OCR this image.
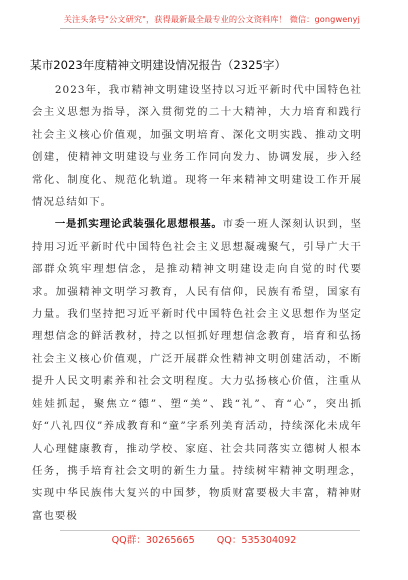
关注头条号"公文研究"，获得最新最全最专业的公文资料库！ 微信：gongwenyj
某市2023年度精神文明建设情况报告（2325字）

2023年，我市精神文明建设坚持以习近平新时代中国特色社会主义思想为指导，深入贯彻党的二十大精神，大力培育和践行社会主义核心价值观，加强文明培育、深化文明实践、推动文明创建，使精神文明建设与业务工作同向发力、协调发展，步入经常化、制度化、规范化轨道。现将一年来精神文明建设工作开展情况总结如下。

一是抓实理论武装强化思想根基。市委一班人深刻认识到，坚持用习近平新时代中国特色社会主义思想凝魂聚气，引导广大干部群众筑牢理想信念，是推动精神文明建设走向自觉的时代要求。加强精神文明学习教育，人民有信仰，民族有希望，国家有力量。我们坚持把习近平新时代中国特色社会主义思想作为坚定理想信念的鲜活教材，持之以恒抓好理想信念教育，培育和弘扬社会主义核心价值观，广泛开展群众性精神文明创建活动，不断提升人民文明素养和社会文明程度。大力弘扬核心价值，注重从娃娃抓起，聚焦立“德”、塑“美”、践“礼”、育“心”，突出抓好“八礼四仪”养成教育和“童”字系列美育活动，持续深化未成年人心理健康教育，推动学校、家庭、社会共同落实立德树人根本任务，携手培育社会文明的新生力量。持续树牢精神文明理念，实现中华民族伟大复兴的中国梦，物质财富要极大丰富，精神财富也要极

QQ群：30265665 QQ：535304092
